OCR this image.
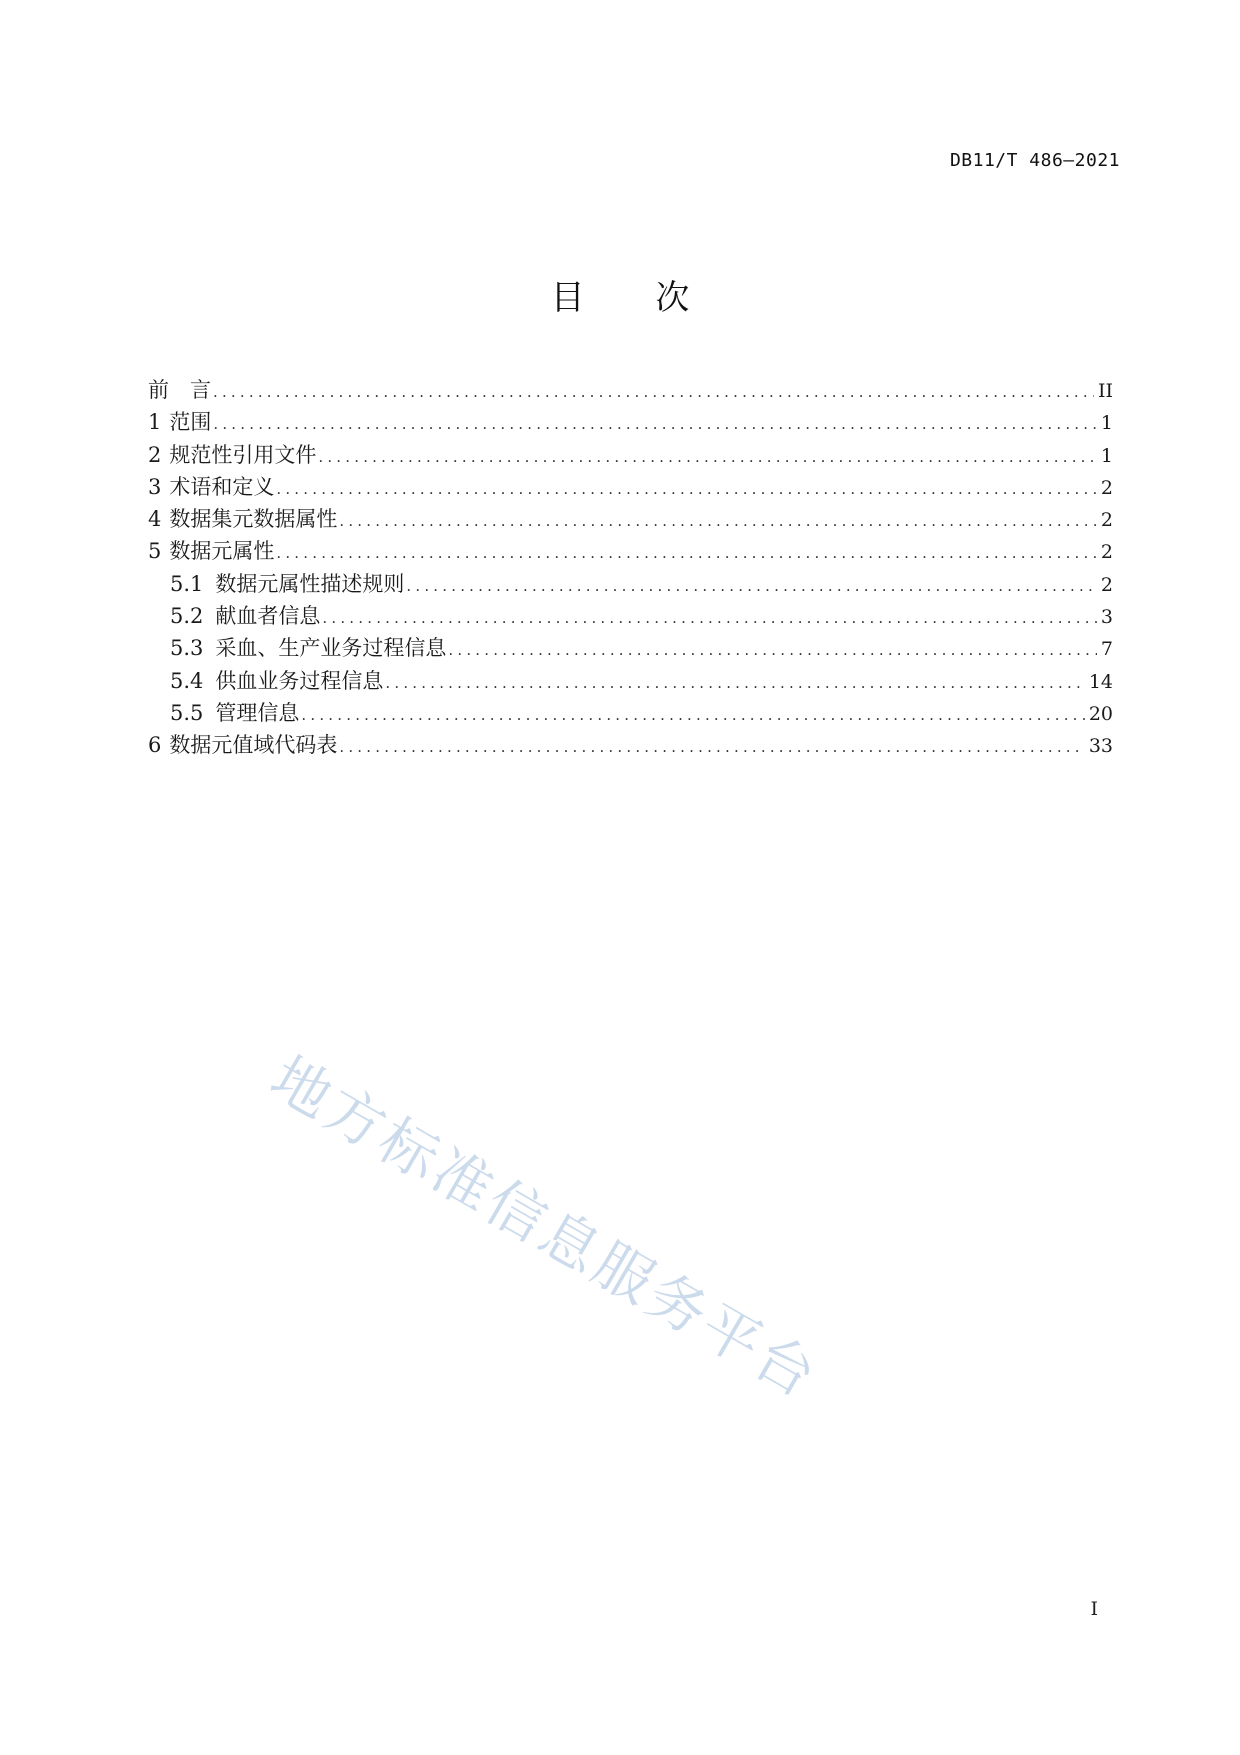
DB11/T 486—2021
目 次
前　言 .....	II
1 范围 .....	1
2 规范性引用文件 .....	1
3 术语和定义 .....	2
4 数据集元数据属性 .....	2
5 数据元属性 .....	2
5.1 数据元属性描述规则 .....	2
5.2 献血者信息 .....	3
5.3 采血、生产业务过程信息 .....	7
5.4 供血业务过程信息 .....	14
5.5 管理信息 .....	20
6 数据元值域代码表 .....	33
地方标准信息服务平台
I
